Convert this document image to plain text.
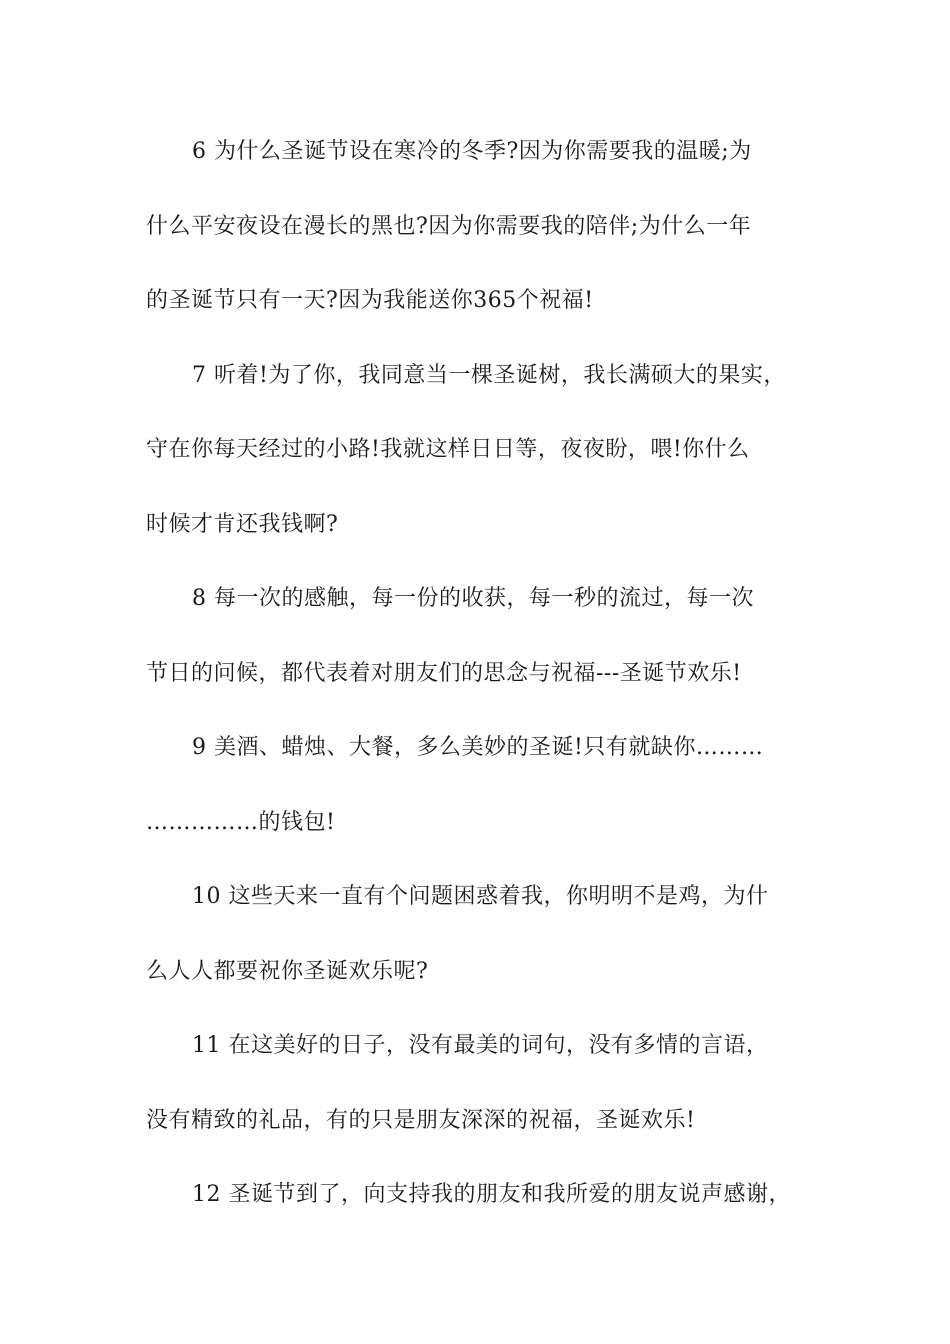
6 为什么圣诞节设在寒冷的冬季?因为你需要我的温暖;为
什么平安夜设在漫长的黑也?因为你需要我的陪伴;为什么一年
的圣诞节只有一天?因为我能送你365个祝福!
7 听着!为了你，我同意当一棵圣诞树，我长满硕大的果实，
守在你每天经过的小路!我就这样日日等，夜夜盼，喂!你什么
时候才肯还我钱啊?
8 每一次的感触，每一份的收获，每一秒的流过，每一次
节日的问候，都代表着对朋友们的思念与祝福---圣诞节欢乐!
9 美酒、蜡烛、大餐，多么美妙的圣诞!只有就缺你………
……………的钱包!
10 这些天来一直有个问题困惑着我，你明明不是鸡，为什
么人人都要祝你圣诞欢乐呢?
11 在这美好的日子，没有最美的词句，没有多情的言语，
没有精致的礼品，有的只是朋友深深的祝福，圣诞欢乐!
12 圣诞节到了，向支持我的朋友和我所爱的朋友说声感谢，
